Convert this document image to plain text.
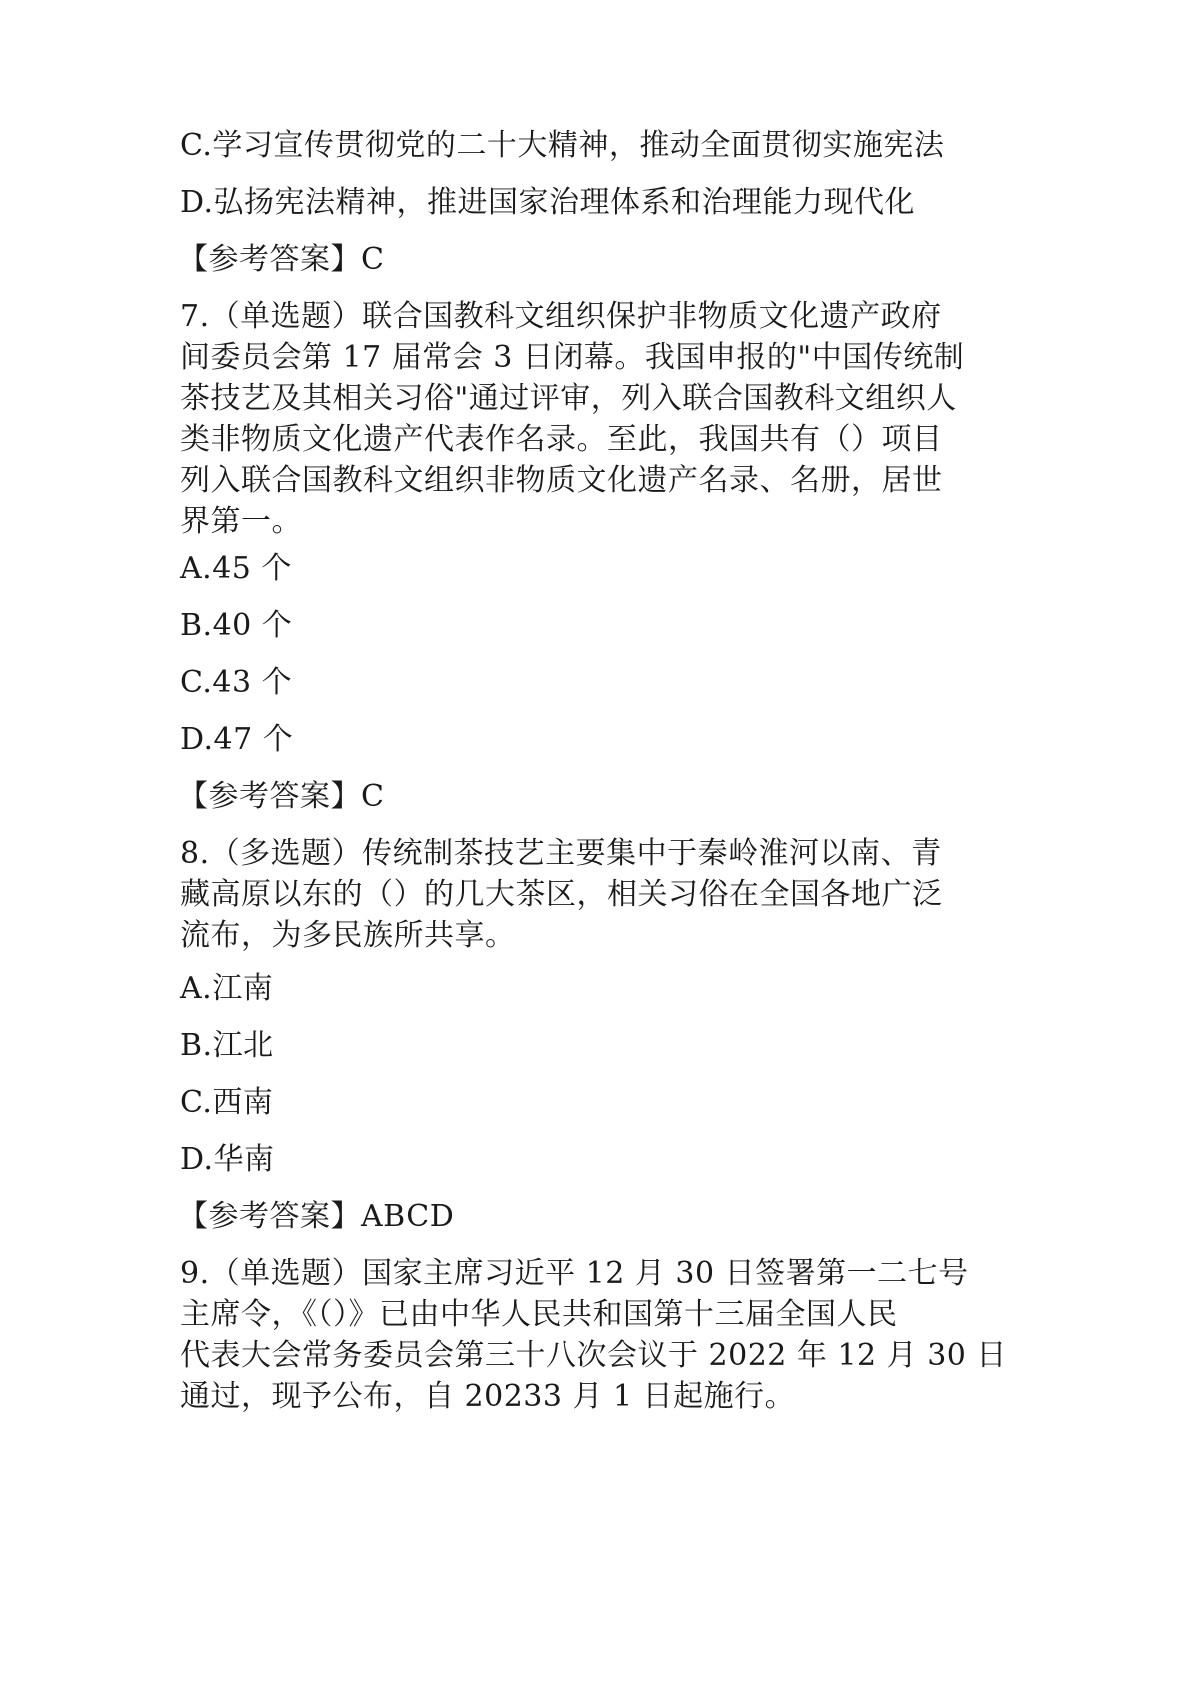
C.学习宣传贯彻党的二十大精神，推动全面贯彻实施宪法
D.弘扬宪法精神，推进国家治理体系和治理能力现代化
【参考答案】C
7.（单选题）联合国教科文组织保护非物质文化遗产政府
间委员会第 17 届常会 3 日闭幕。我国申报的"中国传统制
茶技艺及其相关习俗"通过评审，列入联合国教科文组织人
类非物质文化遗产代表作名录。至此，我国共有（）项目
列入联合国教科文组织非物质文化遗产名录、名册，居世
界第一。
A.45 个
B.40 个
C.43 个
D.47 个
【参考答案】C
8.（多选题）传统制茶技艺主要集中于秦岭淮河以南、青
藏高原以东的（）的几大茶区，相关习俗在全国各地广泛
流布，为多民族所共享。
A.江南
B.江北
C.西南
D.华南
【参考答案】ABCD
9.（单选题）国家主席习近平 12 月 30 日签署第一二七号
主席令，《（）》已由中华人民共和国第十三届全国人民
代表大会常务委员会第三十八次会议于 2022 年 12 月 30 日
通过，现予公布，自 20233 月 1 日起施行。
